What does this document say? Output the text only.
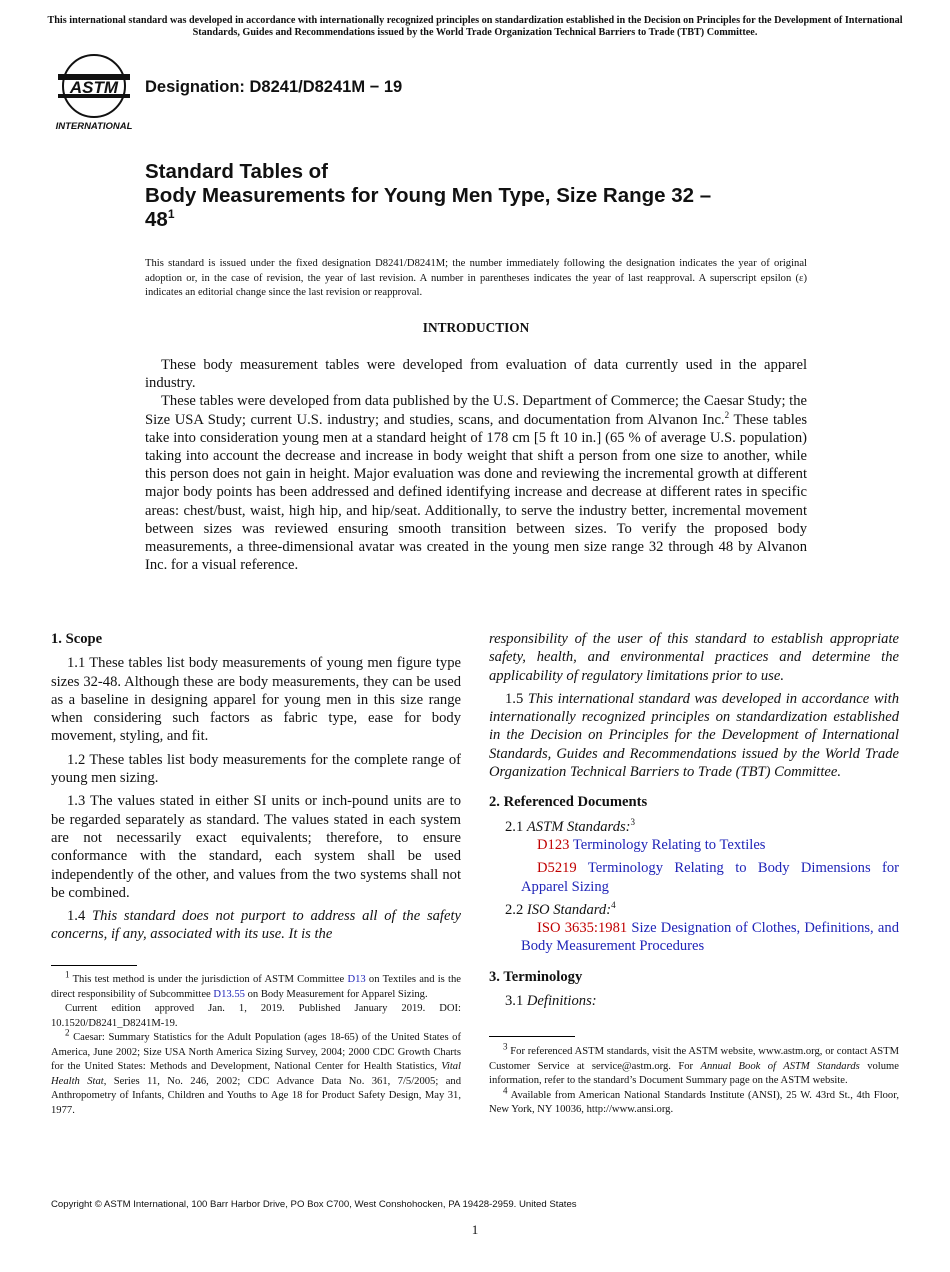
This international standard was developed in accordance with internationally recognized principles on standardization established in the Decision on Principles for the Development of International Standards, Guides and Recommendations issued by the World Trade Organization Technical Barriers to Trade (TBT) Committee.
ASTM
INTERNATIONAL
Designation: D8241/D8241M − 19
Standard Tables of
Body Measurements for Young Men Type, Size Range 32 –
$48^1$
This standard is issued under the fixed designation D8241/D8241M; the number immediately following the designation indicates the year of original adoption or, in the case of revision, the year of last revision. A number in parentheses indicates the year of last reapproval. A superscript epsilon (ε) indicates an editorial change since the last revision or reapproval.
INTRODUCTION

These body measurement tables were developed from evaluation of data currently used in the apparel industry.

These tables were developed from data published by the U.S. Department of Commerce; the Caesar Study; the Size USA Study; current U.S. industry; and studies, scans, and documentation from Alvanon Inc.$^2$ These tables take into consideration young men at a standard height of 178 cm [5 ft 10 in.] (65 % of average U.S. population) taking into account the decrease and increase in body weight that shift a person from one size to another, while this person does not gain in height. Major evaluation was done and reviewing the incremental growth at different major body points has been addressed and defined identifying increase and decrease at different rates in specific areas: chest/bust, waist, high hip, and hip/seat. Additionally, to serve the industry better, incremental movement between sizes was reviewed ensuring smooth transition between sizes. To verify the proposed body measurements, a three-dimensional avatar was created in the young men size range 32 through 48 by Alvanon Inc. for a visual reference.

1. Scope

1.1 These tables list body measurements of young men figure type sizes 32-48. Although these are body measurements, they can be used as a baseline in designing apparel for young men in this size range when considering such factors as fabric type, ease for body movement, styling, and fit.

1.2 These tables list body measurements for the complete range of young men sizing.

1.3 The values stated in either SI units or inch-pound units are to be regarded separately as standard. The values stated in each system are not necessarily exact equivalents; therefore, to ensure conformance with the standard, each system shall be used independently of the other, and values from the two systems shall not be combined.

1.4 This standard does not purport to address all of the safety concerns, if any, associated with its use. It is the

$^1$ This test method is under the jurisdiction of ASTM Committee D13 on Textiles and is the direct responsibility of Subcommittee D13.55 on Body Measurement for Apparel Sizing.

Current edition approved Jan. 1, 2019. Published January 2019. DOI: 10.1520/D8241_D8241M-19.

$^2$ Caesar: Summary Statistics for the Adult Population (ages 18-65) of the United States of America, June 2002; Size USA North America Sizing Survey, 2004; 2000 CDC Growth Charts for the United States: Methods and Development, National Center for Health Statistics, Vital Health Stat, Series 11, No. 246, 2002; CDC Advance Data No. 361, 7/5/2005; and Anthropometry of Infants, Children and Youths to Age 18 for Product Safety Design, May 31, 1977.

responsibility of the user of this standard to establish appropriate safety, health, and environmental practices and determine the applicability of regulatory limitations prior to use.

1.5 This international standard was developed in accordance with internationally recognized principles on standardization established in the Decision on Principles for the Development of International Standards, Guides and Recommendations issued by the World Trade Organization Technical Barriers to Trade (TBT) Committee.

2. Referenced Documents

2.1 ASTM Standards:$^3$

D123 Terminology Relating to Textiles

D5219 Terminology Relating to Body Dimensions for Apparel Sizing

2.2 ISO Standard:$^4$

ISO 3635:1981 Size Designation of Clothes, Definitions, and Body Measurement Procedures

3. Terminology

3.1 Definitions:

$^3$ For referenced ASTM standards, visit the ASTM website, www.astm.org, or contact ASTM Customer Service at service@astm.org. For Annual Book of ASTM Standards volume information, refer to the standard’s Document Summary page on the ASTM website.

$^4$ Available from American National Standards Institute (ANSI), 25 W. 43rd St., 4th Floor, New York, NY 10036, http://www.ansi.org.

Copyright © ASTM International, 100 Barr Harbor Drive, PO Box C700, West Conshohocken, PA 19428-2959. United States
1
